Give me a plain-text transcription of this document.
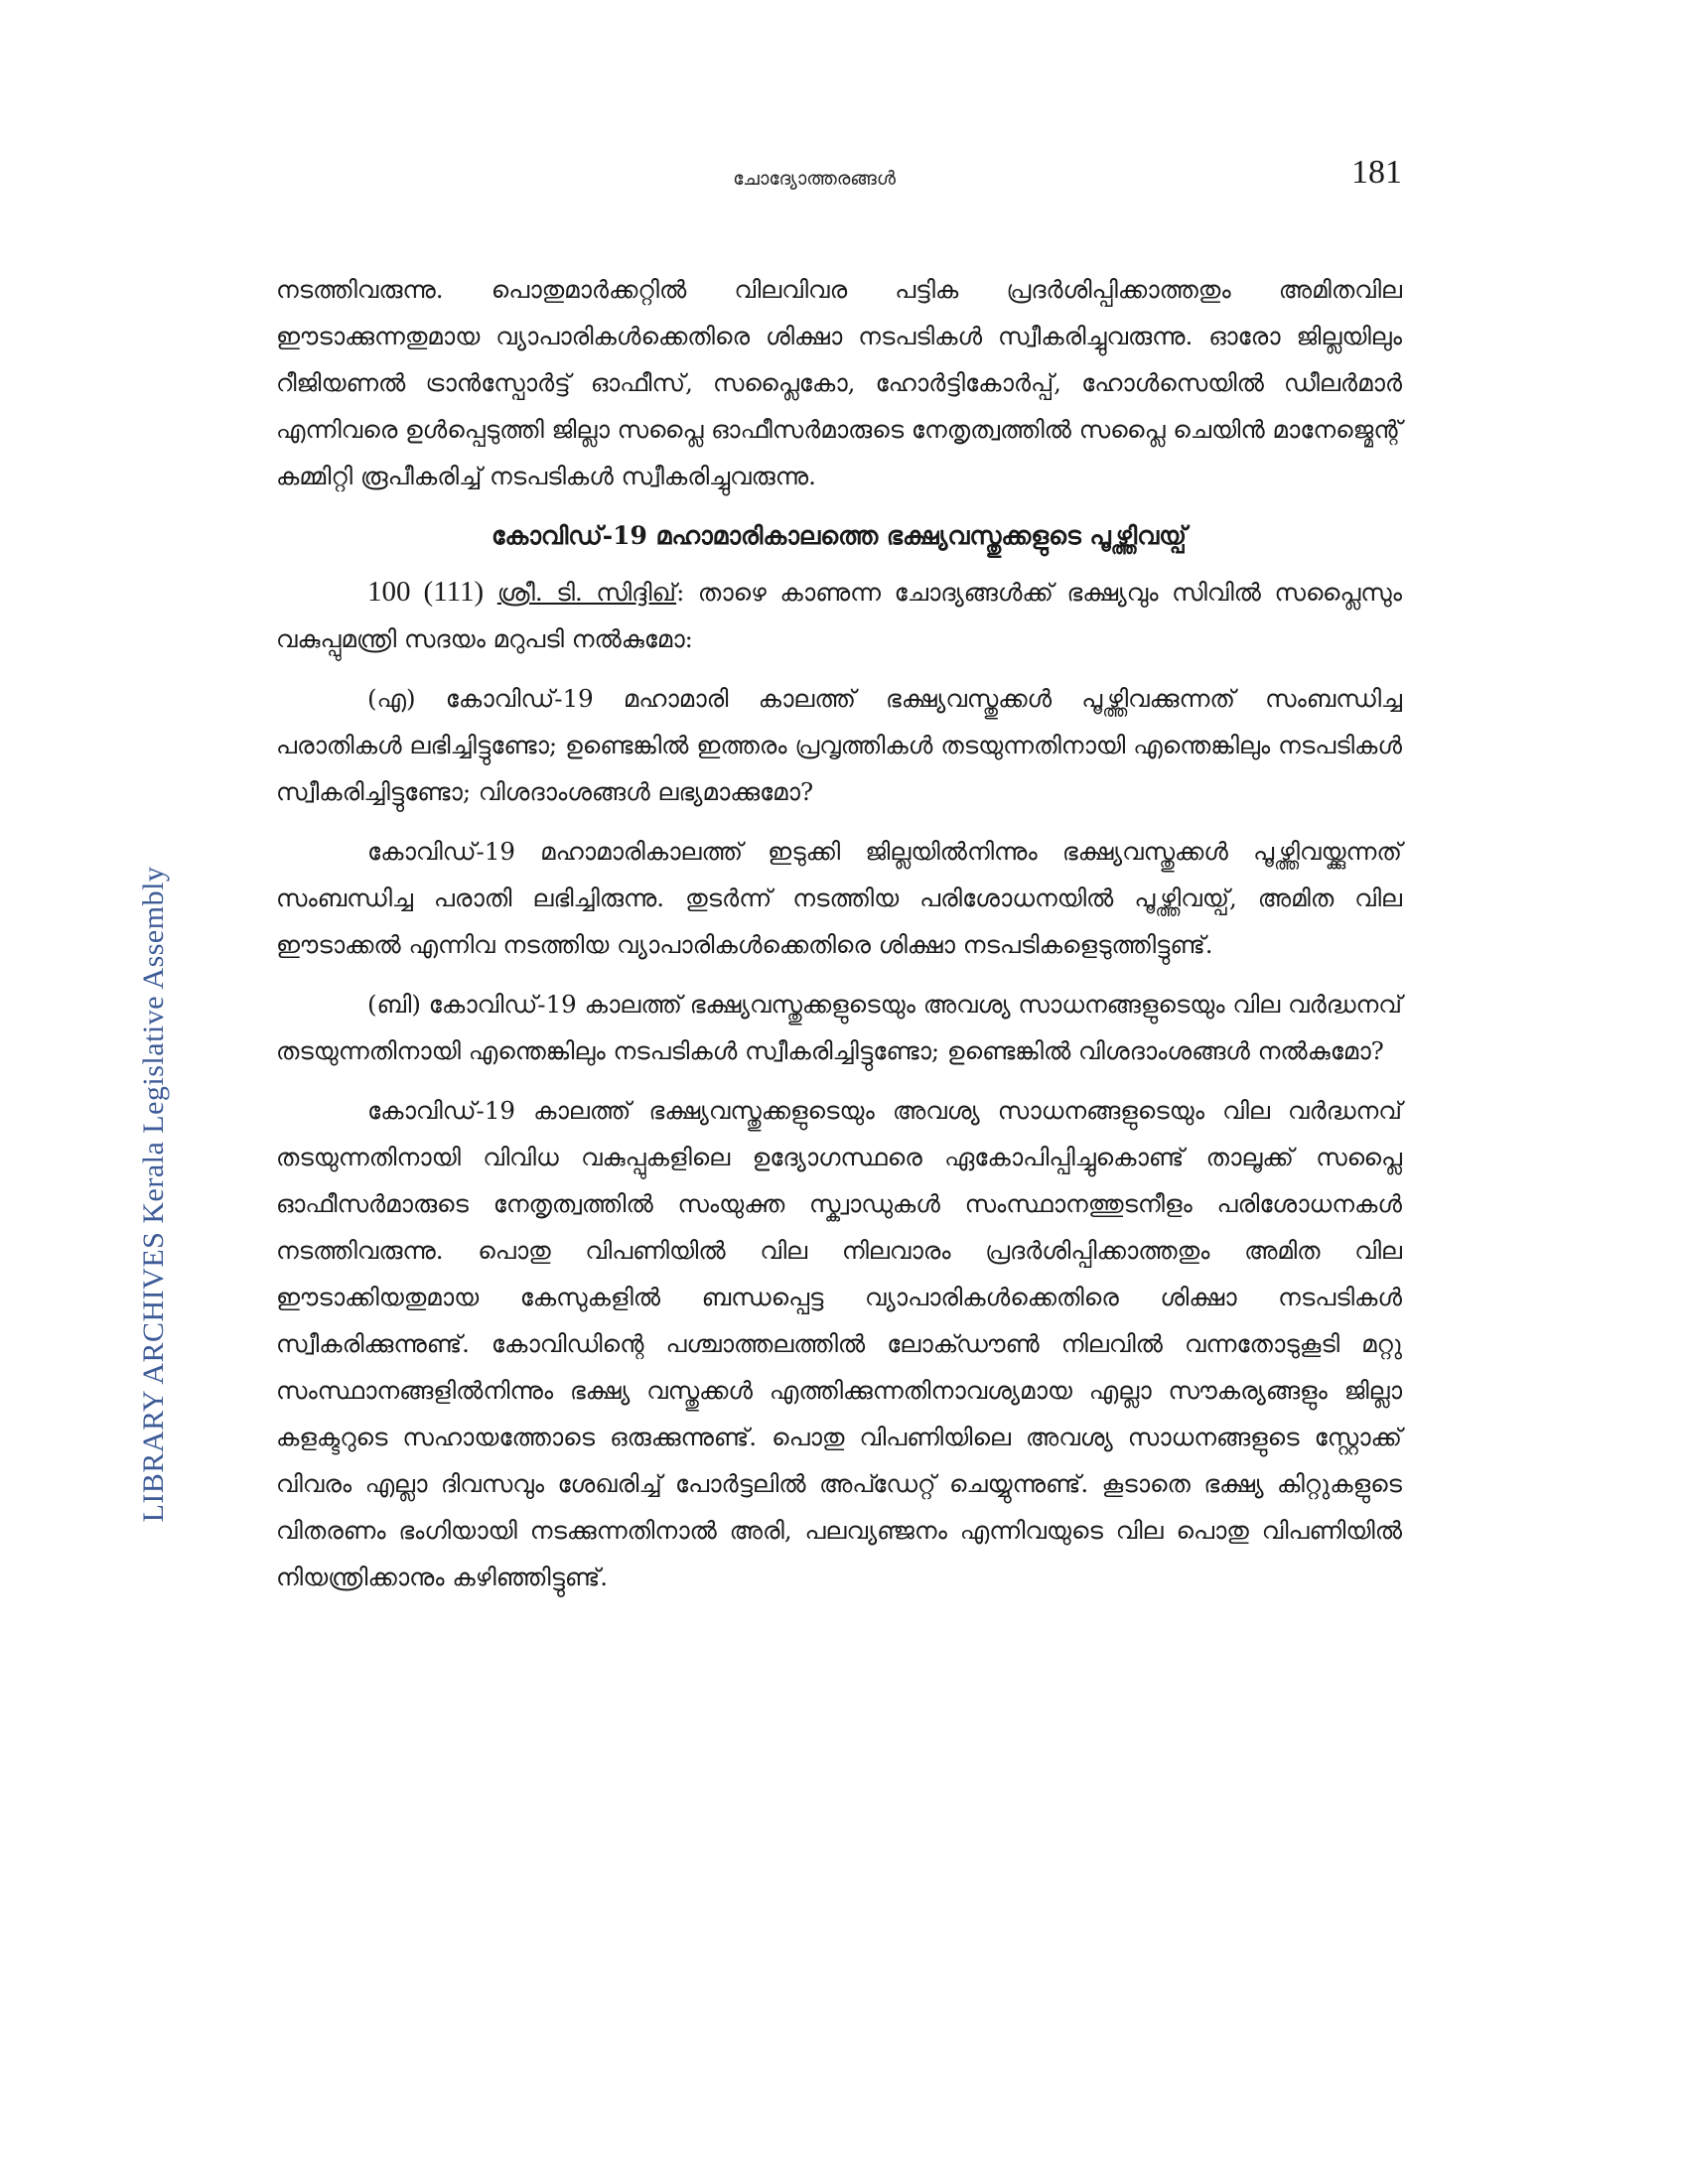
LIBRARY ARCHIVES Kerala Legislative Assembly
ചോദ്യോത്തരങ്ങൾ	181

നടത്തിവരുന്നു. പൊതുമാർക്കറ്റിൽ വിലവിവര പട്ടിക പ്രദർശിപ്പിക്കാത്തതും അമിതവില ഈടാക്കുന്നതുമായ വ്യാപാരികൾക്കെതിരെ ശിക്ഷാ നടപടികൾ സ്വീകരിച്ചുവരുന്നു. ഓരോ ജില്ലയിലും റീജിയണൽ ട്രാൻസ്പോർട്ട് ഓഫീസ്, സപ്ലൈകോ, ഹോർട്ടികോർപ്പ്, ഹോൾസെയിൽ ഡീലർമാർ എന്നിവരെ ഉൾപ്പെടുത്തി ജില്ലാ സപ്ലൈ ഓഫീസർമാരുടെ നേതൃത്വത്തിൽ സപ്ലൈ ചെയിൻ മാനേജ്മെന്റ് കമ്മിറ്റി രൂപീകരിച്ച് നടപടികൾ സ്വീകരിച്ചുവരുന്നു.

കോവിഡ്-19 മഹാമാരികാലത്തെ ഭക്ഷ്യവസ്തുക്കളുടെ പൂഴ്ത്തിവയ്പ്

100 (111) ശ്രീ. ടി. സിദ്ദിഖ്: താഴെ കാണുന്ന ചോദ്യങ്ങൾക്ക് ഭക്ഷ്യവും സിവിൽ സപ്ലൈസും വകുപ്പുമന്ത്രി സദയം മറുപടി നൽകുമോ:

(എ) കോവിഡ്-19 മഹാമാരി കാലത്ത് ഭക്ഷ്യവസ്തുക്കൾ പൂഴ്ത്തിവക്കുന്നത് സംബന്ധിച്ച പരാതികൾ ലഭിച്ചിട്ടുണ്ടോ; ഉണ്ടെങ്കിൽ ഇത്തരം പ്രവൃത്തികൾ തടയുന്നതിനായി എന്തെങ്കിലും നടപടികൾ സ്വീകരിച്ചിട്ടുണ്ടോ; വിശദാംശങ്ങൾ ലഭ്യമാക്കുമോ?

കോവിഡ്-19 മഹാമാരികാലത്ത് ഇടുക്കി ജില്ലയിൽനിന്നും ഭക്ഷ്യവസ്തുക്കൾ പൂഴ്ത്തിവയ്ക്കുന്നത് സംബന്ധിച്ച പരാതി ലഭിച്ചിരുന്നു. തുടർന്ന് നടത്തിയ പരിശോധനയിൽ പൂഴ്ത്തിവയ്പ്, അമിത വില ഈടാക്കൽ എന്നിവ നടത്തിയ വ്യാപാരികൾക്കെതിരെ ശിക്ഷാ നടപടികളെടുത്തിട്ടുണ്ട്.

(ബി) കോവിഡ്-19 കാലത്ത് ഭക്ഷ്യവസ്തുക്കളുടെയും അവശ്യ സാധനങ്ങളുടെയും വില വർദ്ധനവ് തടയുന്നതിനായി എന്തെങ്കിലും നടപടികൾ സ്വീകരിച്ചിട്ടുണ്ടോ; ഉണ്ടെങ്കിൽ വിശദാംശങ്ങൾ നൽകുമോ?

കോവിഡ്-19 കാലത്ത് ഭക്ഷ്യവസ്തുക്കളുടെയും അവശ്യ സാധനങ്ങളുടെയും വില വർദ്ധനവ് തടയുന്നതിനായി വിവിധ വകുപ്പുകളിലെ ഉദ്യോഗസ്ഥരെ ഏകോപിപ്പിച്ചുകൊണ്ട് താലൂക്ക് സപ്ലൈ ഓഫീസർമാരുടെ നേതൃത്വത്തിൽ സംയുക്ത സ്ക്വാഡുകൾ സംസ്ഥാനത്തുടനീളം പരിശോധനകൾ നടത്തിവരുന്നു. പൊതു വിപണിയിൽ വില നിലവാരം പ്രദർശിപ്പിക്കാത്തതും അമിത വില ഈടാക്കിയതുമായ കേസുകളിൽ ബന്ധപ്പെട്ട വ്യാപാരികൾക്കെതിരെ ശിക്ഷാ നടപടികൾ സ്വീകരിക്കുന്നുണ്ട്. കോവിഡിന്റെ പശ്ചാത്തലത്തിൽ ലോക്ഡൗൺ നിലവിൽ വന്നതോടുകൂടി മറ്റു സംസ്ഥാനങ്ങളിൽനിന്നും ഭക്ഷ്യ വസ്തുക്കൾ എത്തിക്കുന്നതിനാവശ്യമായ എല്ലാ സൗകര്യങ്ങളും ജില്ലാ കളക്ടറുടെ സഹായത്തോടെ ഒരുക്കുന്നുണ്ട്. പൊതു വിപണിയിലെ അവശ്യ സാധനങ്ങളുടെ സ്റ്റോക്ക് വിവരം എല്ലാ ദിവസവും ശേഖരിച്ച് പോർട്ടലിൽ അപ്ഡേറ്റ് ചെയ്യുന്നുണ്ട്. കൂടാതെ ഭക്ഷ്യ കിറ്റുകളുടെ വിതരണം ഭംഗിയായി നടക്കുന്നതിനാൽ അരി, പലവ്യഞ്ജനം എന്നിവയുടെ വില പൊതു വിപണിയിൽ നിയന്ത്രിക്കാനും കഴിഞ്ഞിട്ടുണ്ട്.
